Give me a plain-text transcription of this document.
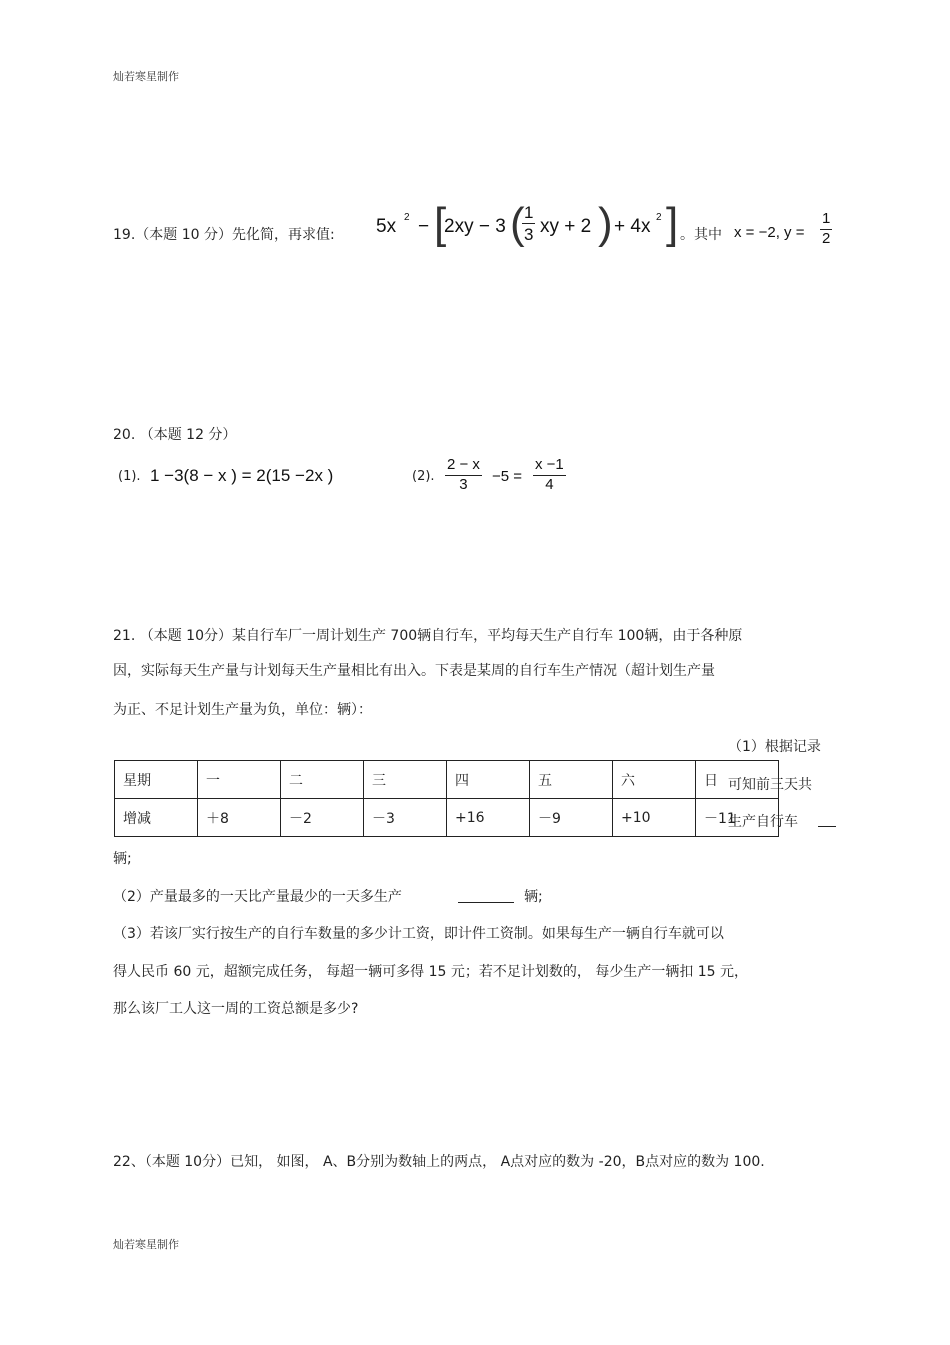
灿若寒星制作
19.（本题 10 分）先化简，再求值: 5x 2 − [
2xy − 3 (
$\frac{1}{3}$ xy + 2 ) + 4x 2 ] 。其中 x = −2, $y = \frac{1}{2}$
20. （本题 12 分）
(1). 1 −3(8 − x ) = 2(15 −2x )	(2). $\frac{2 - x}{3} -5 = \frac{x -1}{4}$
21. （本题 10分）某自行车厂一周计划生产 700辆自行车，平均每天生产自行车 100辆，由于各种原
因，实际每天生产量与计划每天生产量相比有出入。下表是某周的自行车生产情况（超计划生产量
为正、不足计划生产量为负，单位：辆）：
（1）根据记录
可知前三天共
生产自行车
星期	一	二	三	四	五	六	日
增减	＋8	－2	－3	+16	－9	+10	－11
辆;
（2）产量最多的一天比产量最少的一天多生产	辆;
（3）若该厂实行按生产的自行车数量的多少计工资，即计件工资制。如果每生产一辆自行车就可以
得人民币 60 元，超额完成任务， 每超一辆可多得 15 元；若不足计划数的， 每少生产一辆扣 15 元，
那么该厂工人这一周的工资总额是多少?
22、（本题 10分）已知， 如图， A、B分别为数轴上的两点， A点对应的数为 -20，B点对应的数为 100.
灿若寒星制作
